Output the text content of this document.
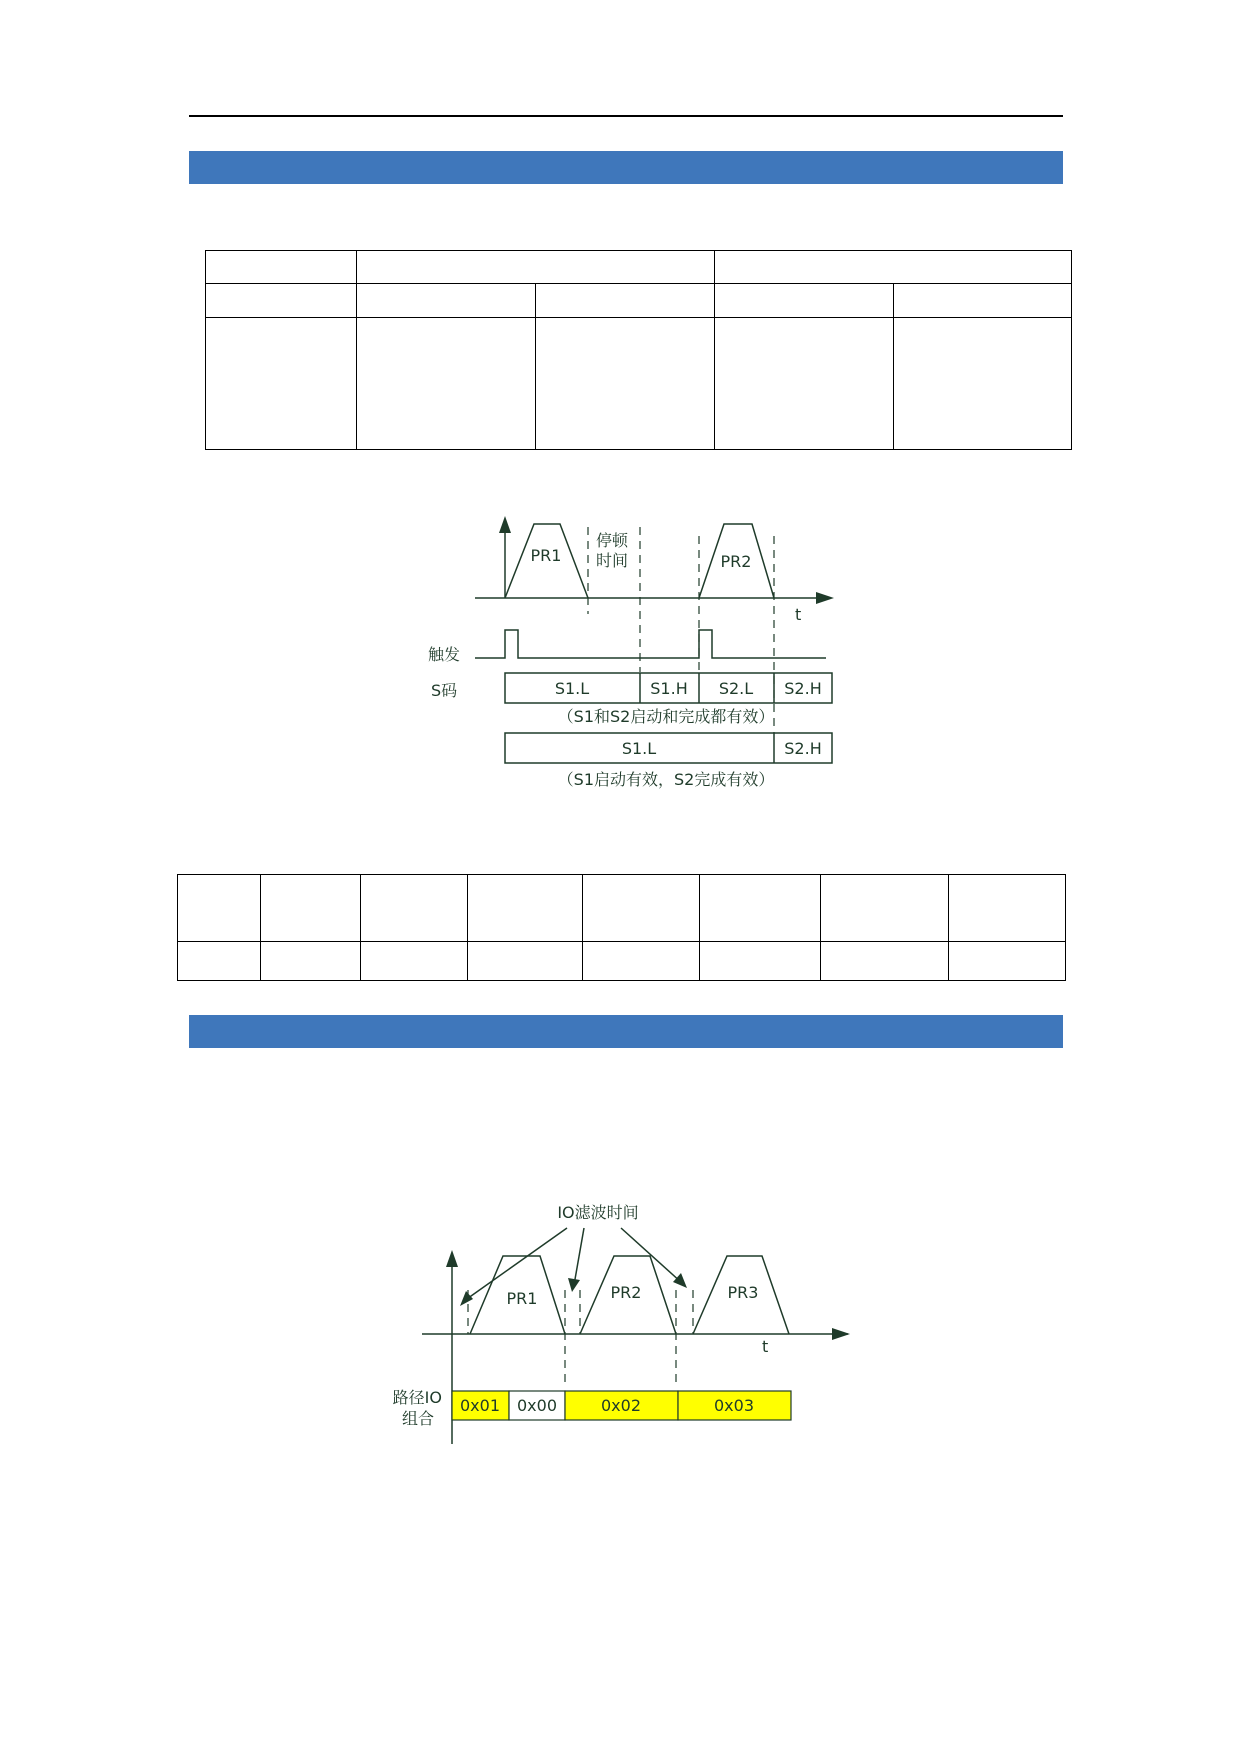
PR1	PR2
停顿
时间
t
触发
S码	S1.L	S1.H S2.L S2.H
（S1和S2启动和完成都有效）
S1.L	S2.H
（S1启动有效，S2完成有效）
IO滤波时间
PR1	PR2	PR3
t
路径IO
组合
0x01 0x00	0x02	0x03
